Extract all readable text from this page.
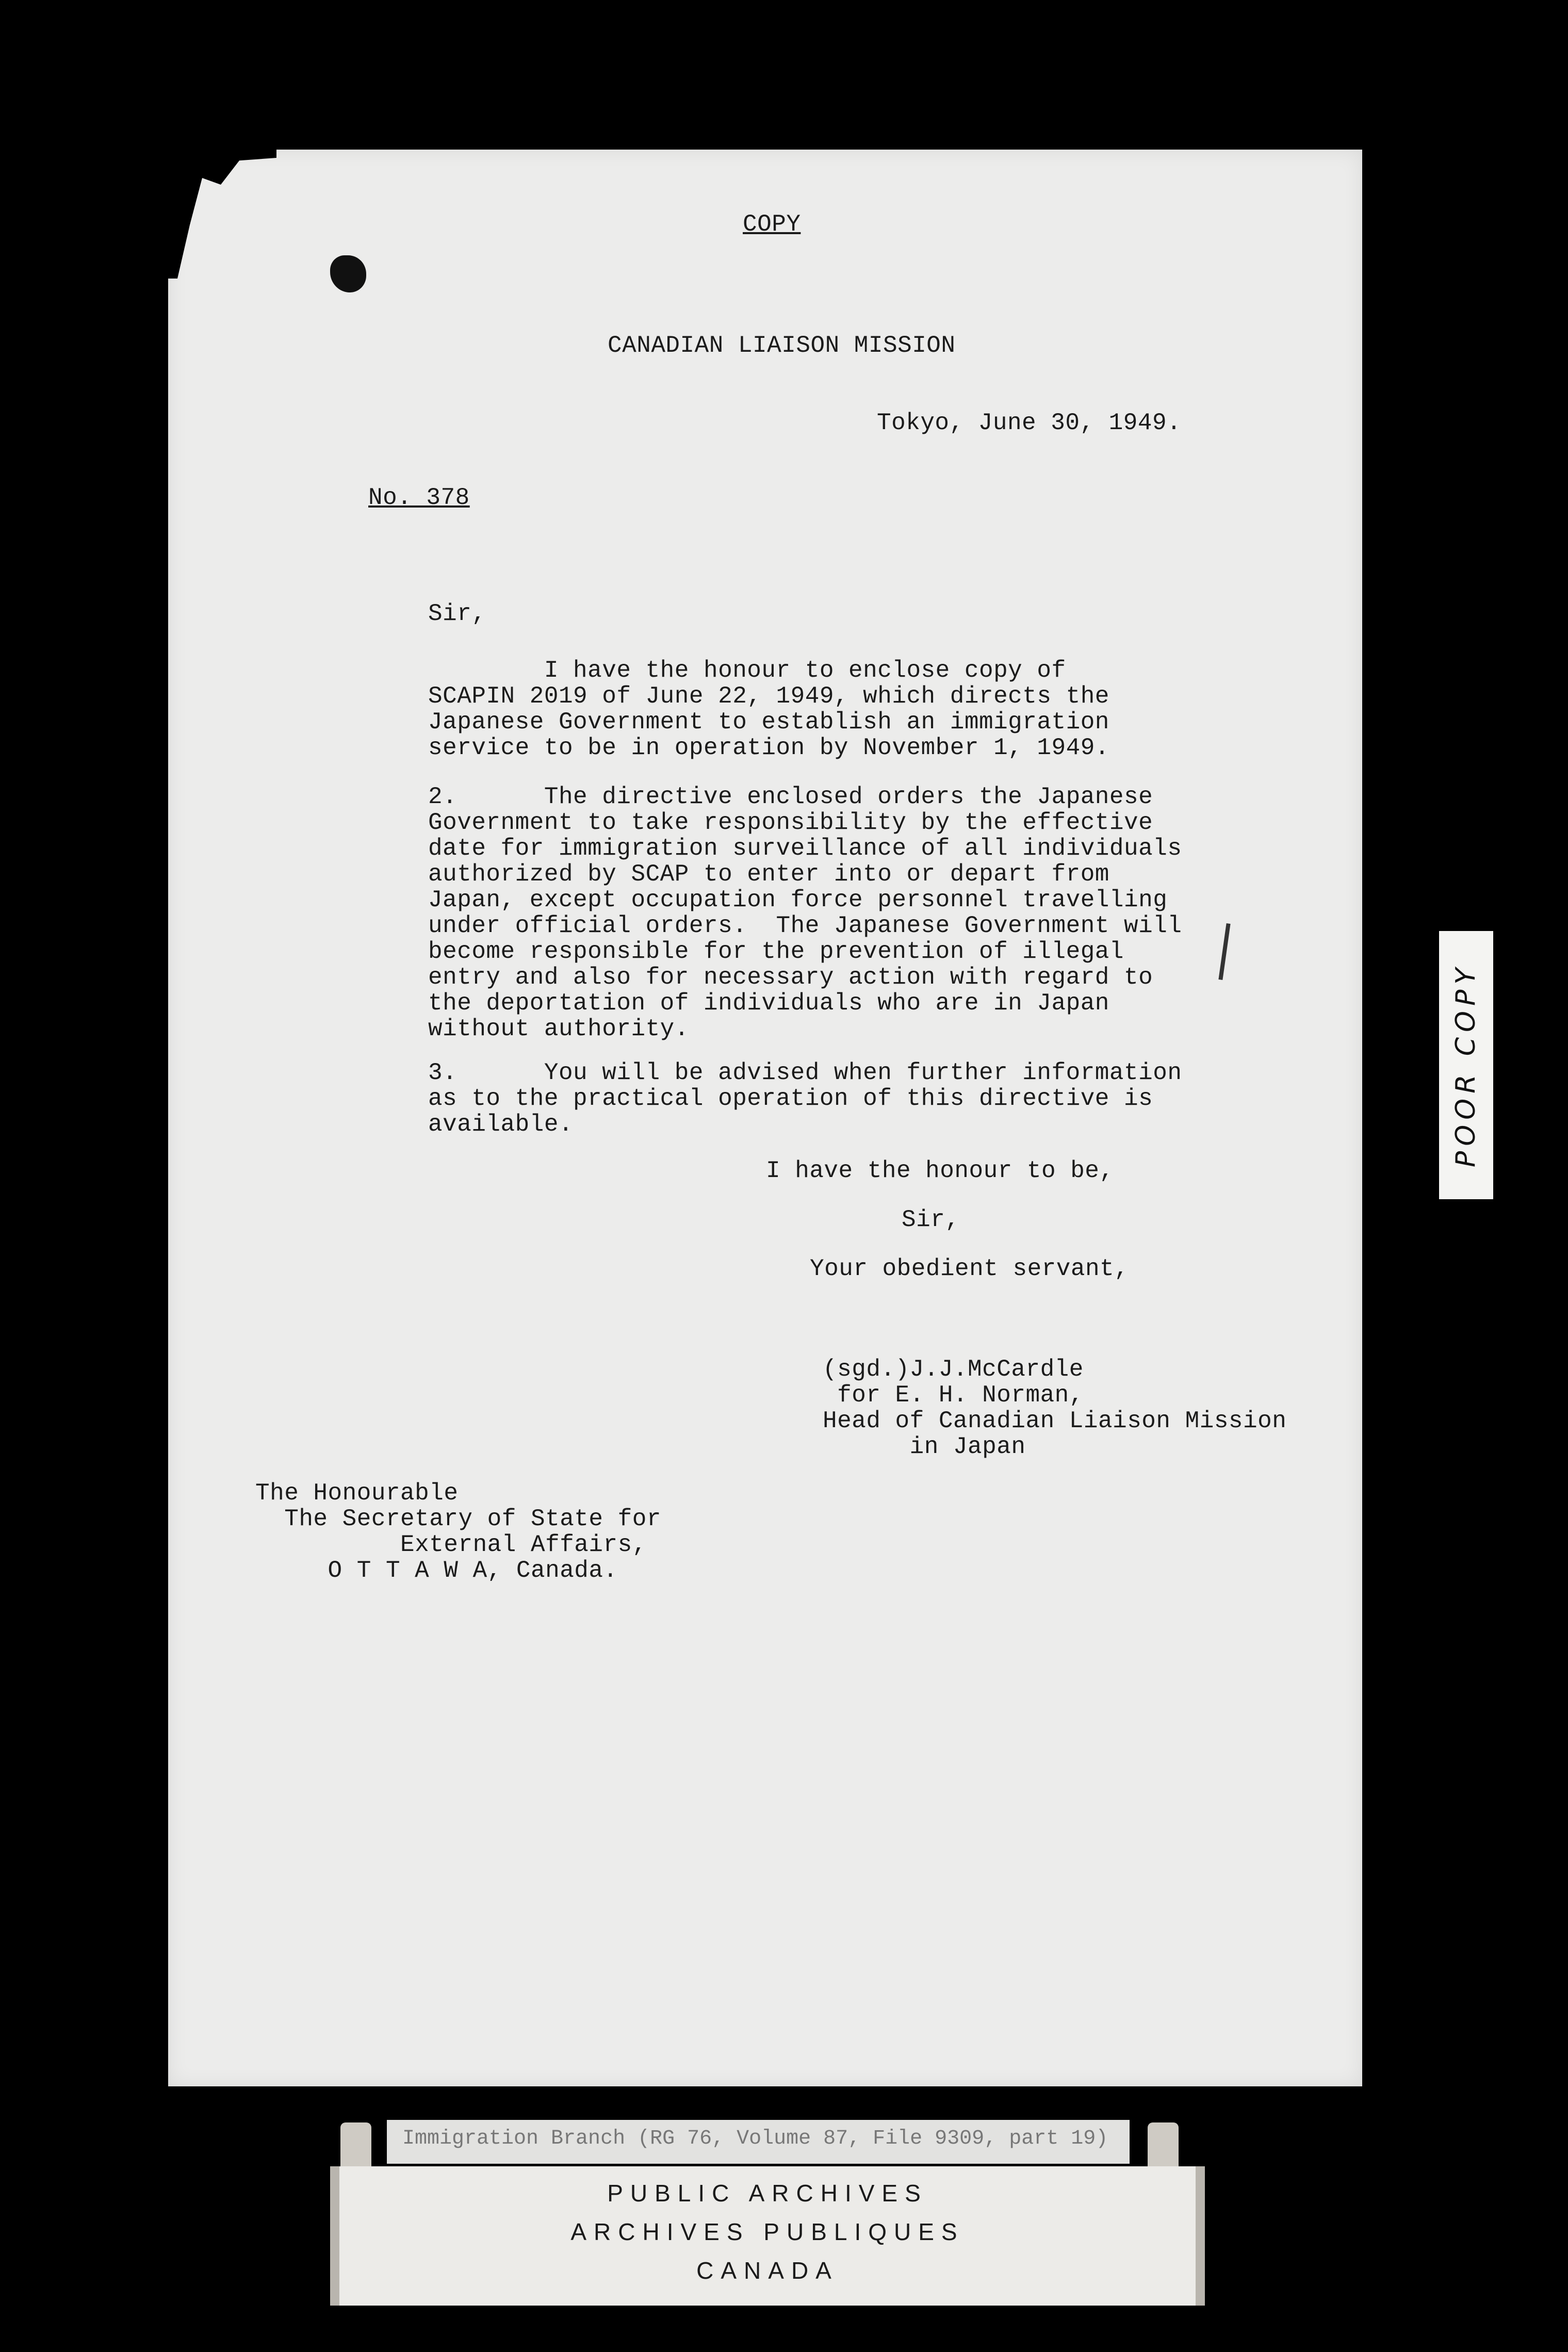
COPY
CANADIAN LIAISON MISSION
Tokyo, June 30, 1949.
No. 378
Sir,
I have the honour to enclose copy of
SCAPIN 2019 of June 22, 1949, which directs the
Japanese Government to establish an immigration
service to be in operation by November 1, 1949.
2.      The directive enclosed orders the Japanese
Government to take responsibility by the effective
date for immigration surveillance of all individuals
authorized by SCAP to enter into or depart from
Japan, except occupation force personnel travelling
under official orders.  The Japanese Government will
become responsible for the prevention of illegal
entry and also for necessary action with regard to
the deportation of individuals who are in Japan
without authority.
3.      You will be advised when further information
as to the practical operation of this directive is
available.
I have the honour to be,
Sir,
Your obedient servant,
(sgd.)J.J.McCardle
for E. H. Norman,
Head of Canadian Liaison Mission
in Japan
The Honourable
The Secretary of State for
External Affairs,
O T T A W A, Canada.
POOR COPY
Immigration Branch (RG 76, Volume 87, File 9309, part 19)
PUBLIC ARCHIVES
ARCHIVES PUBLIQUES
CANADA
